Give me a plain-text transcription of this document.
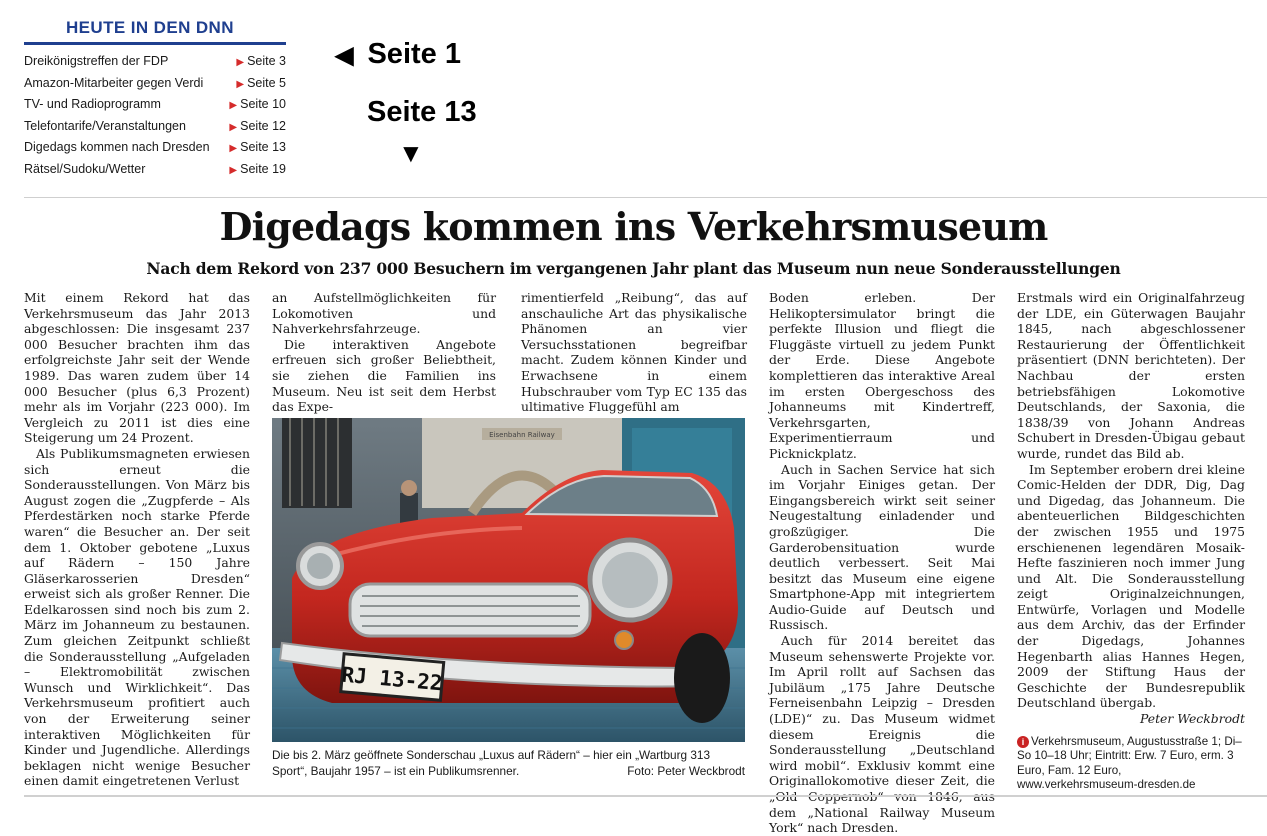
HEUTE IN DEN DNN
Dreikönigstreffen der FDP	▶ Seite 3
Amazon-Mitarbeiter gegen Verdi	▶ Seite 5
TV- und Radioprogramm	▶ Seite 10
Telefontarife/Veranstaltungen	▶ Seite 12
Digedags kommen nach Dresden ▶ Seite 13
Rätsel/Sudoku/Wetter	▶ Seite 19
◀ Seite 1
Seite 13
▼
Digedags kommen ins Verkehrsmuseum
Nach dem Rekord von 237 000 Besuchern im vergangenen Jahr plant das Museum nun neue Sonderausstellungen

Mit einem Rekord hat das Verkehrsmuseum das Jahr 2013 abgeschlossen: Die insgesamt 237 000 Besucher brachten ihm das erfolgreichste Jahr seit der Wende 1989. Das waren zudem über 14 000 Besucher (plus 6,3 Prozent) mehr als im Vorjahr (223 000). Im Vergleich zu 2011 ist dies eine Steigerung um 24 Prozent.

Als Publikumsmagneten erwiesen sich erneut die Sonderausstellungen. Von März bis August zogen die „Zugpferde – Als Pferdestärken noch starke Pferde waren“ die Besucher an. Der seit dem 1. Oktober gebotene „Luxus auf Rädern – 150 Jahre Gläserkarosserien Dresden“ erweist sich als großer Renner. Die Edelkarossen sind noch bis zum 2. März im Johanneum zu bestaunen. Zum gleichen Zeitpunkt schließt die Sonderausstellung „Aufgeladen – Elektromobilität zwischen Wunsch und Wirklichkeit“. Das Verkehrsmuseum profitiert auch von der Erweiterung seiner interaktiven Möglichkeiten für Kinder und Jugendliche. Allerdings beklagen nicht wenige Besucher einen damit eingetretenen Verlust

an Aufstellmöglichkeiten für Lokomotiven und Nahverkehrsfahrzeuge.

Die interaktiven Angebote erfreuen sich großer Beliebtheit, sie ziehen die Familien ins Museum. Neu ist seit dem Herbst das Expe-

rimentierfeld „Reibung“, das auf anschauliche Art das physikalische Phänomen an vier Versuchsstationen begreifbar macht. Zudem können Kinder und Erwachsene in einem Hubschrauber vom Typ EC 135 das ultimative Fluggefühl am

Boden erleben. Der Helikoptersimulator bringt die perfekte Illusion und fliegt die Fluggäste virtuell zu jedem Punkt der Erde. Diese Angebote komplettieren das interaktive Areal im ersten Obergeschoss des Johanneums mit Kindertreff, Verkehrsgarten, Experimentierraum und Picknickplatz.

Auch in Sachen Service hat sich im Vorjahr Einiges getan. Der Eingangsbereich wirkt seit seiner Neugestaltung einladender und großzügiger. Die Garderobensituation wurde deutlich verbessert. Seit Mai besitzt das Museum eine eigene Smartphone-App mit integriertem Audio-Guide auf Deutsch und Russisch.

Auch für 2014 bereitet das Museum sehenswerte Projekte vor. Im April rollt auf Sachsen das Jubiläum „175 Jahre Deutsche Ferneisenbahn Leipzig – Dresden (LDE)“ zu. Das Museum widmet diesem Ereignis die Sonderausstellung „Deutschland wird mobil“. Exklusiv kommt eine Originallokomotive dieser Zeit, die dem „National Railway Museum York“ nach Dresden.

Erstmals wird ein Originalfahrzeug der LDE, ein Güterwagen Baujahr 1845, nach abgeschlossener Restaurierung der Öffentlichkeit präsentiert (DNN berichteten). Der Nachbau der ersten betriebsfähigen Lokomotive Deutschlands, der Saxonia, die 1838/39 von Johann Andreas Schubert in Dresden-Übigau gebaut wurde, rundet das Bild ab.

Im September erobern drei kleine Comic-Helden der DDR, Dig, Dag und Digedag, das Johanneum. Die abenteuerlichen Bildgeschichten der zwischen 1955 und 1975 erschienenen legendären Mosaik-Hefte faszinieren noch immer Jung und Alt. Die Sonderausstellung zeigt Originalzeichnungen, Entwürfe, Vorlagen und Modelle aus dem Archiv, das der Erfinder der Digedags, Johannes Hegenbarth alias Hannes Hegen, 2009 der Stiftung Haus der Geschichte der Bundesrepublik Deutschland übergab.

Peter Weckbrodt
i Verkehrsmuseum, Augustusstraße 1; Di–So 10–18 Uhr; Eintritt: Erw. 7 Euro, erm. 3 Euro, Fam. 12 Euro, www.verkehrsmuseum-dresden.de
Eisenbahn Railway
RJ 13-22
Die bis 2. März geöffnete Sonderschau „Luxus auf Rädern“ – hier ein „Wartburg 313 Sport“, Baujahr 1957 – ist ein Publikumsrenner.	Foto: Peter Weckbrodt
